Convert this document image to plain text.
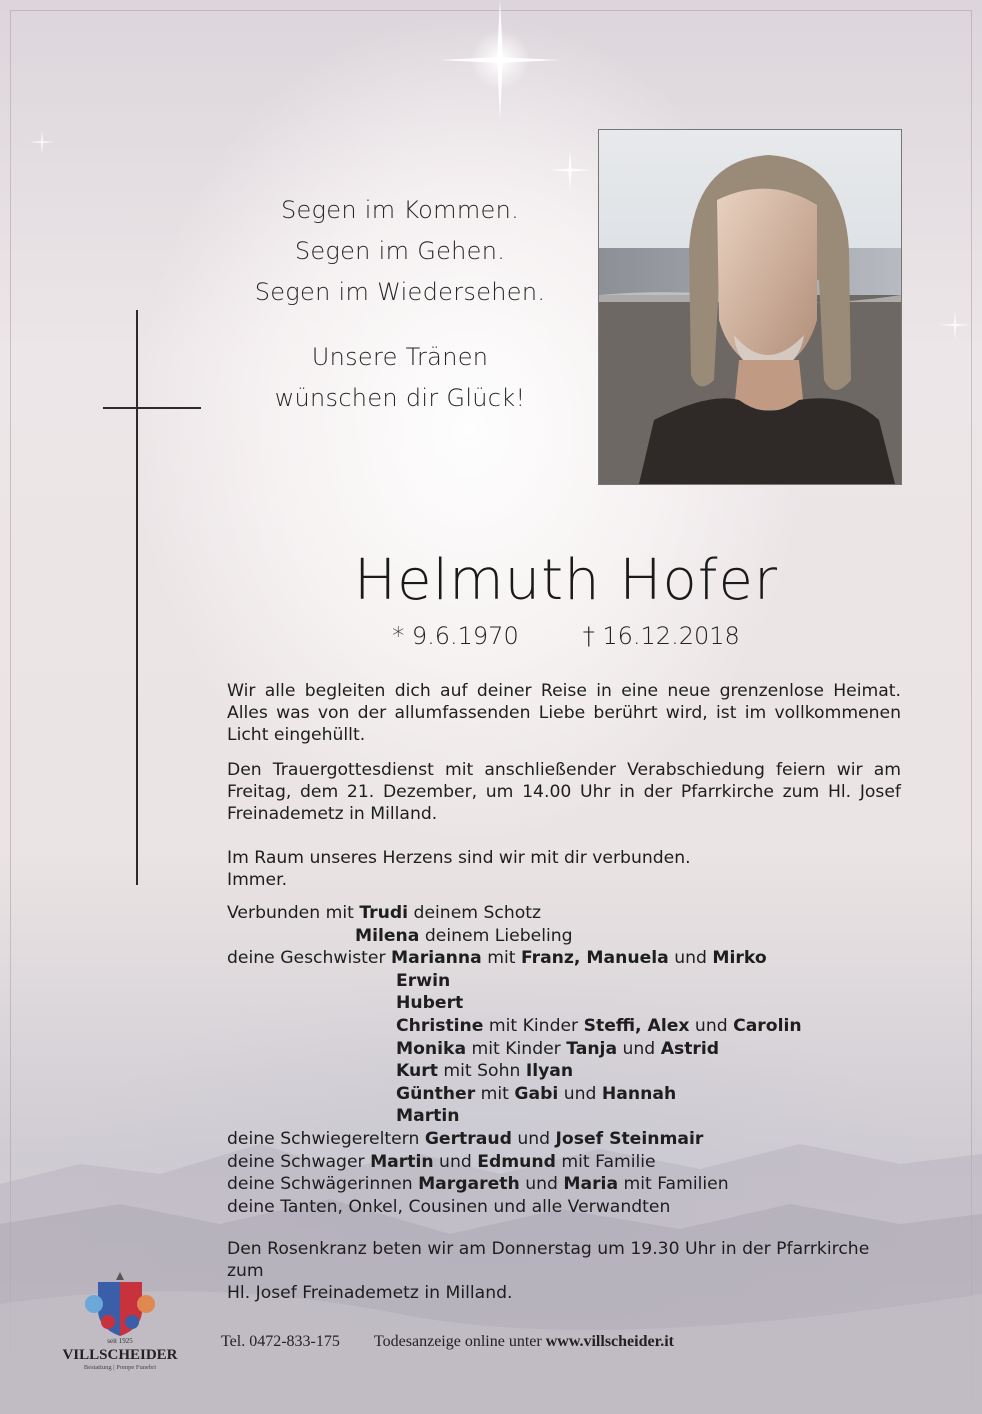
Segen im Kommen.
Segen im Gehen.
Segen im Wiedersehen.
Unsere Tränen
wünschen dir Glück!
Helmuth Hofer
* 9.6.1970	† 16.12.2018
Wir alle begleiten dich auf deiner Reise in eine neue grenzenlose Heimat. Alles was von der allumfassenden Liebe berührt wird, ist im vollkommenen Licht eingehüllt.
Den Trauergottesdienst mit anschließender Verabschiedung feiern wir am Freitag, dem 21. Dezember, um 14.00 Uhr in der Pfarrkirche zum Hl. Josef Freinademetz in Milland.
Im Raum unseres Herzens sind wir mit dir verbunden.
Immer.
Verbunden mit Trudi deinem Schotz
Milena deinem Liebeling
deine Geschwister Marianna mit Franz, Manuela und Mirko
Erwin
Hubert
Christine mit Kinder Steffi, Alex und Carolin
Monika mit Kinder Tanja und Astrid
Kurt mit Sohn Ilyan
Günther mit Gabi und Hannah
Martin
deine Schwiegereltern Gertraud und Josef Steinmair
deine Schwager Martin und Edmund mit Familie
deine Schwägerinnen Margareth und Maria mit Familien
deine Tanten, Onkel, Cousinen und alle Verwandten
Den Rosenkranz beten wir am Donnerstag um 19.30 Uhr in der Pfarrkirche zum
Hl. Josef Freinademetz in Milland.
seit 1925
VILLSCHEIDER
Bestattung | Pompe Funebri
Tel. 0472-833-175 Todesanzeige online unter www.villscheider.it
